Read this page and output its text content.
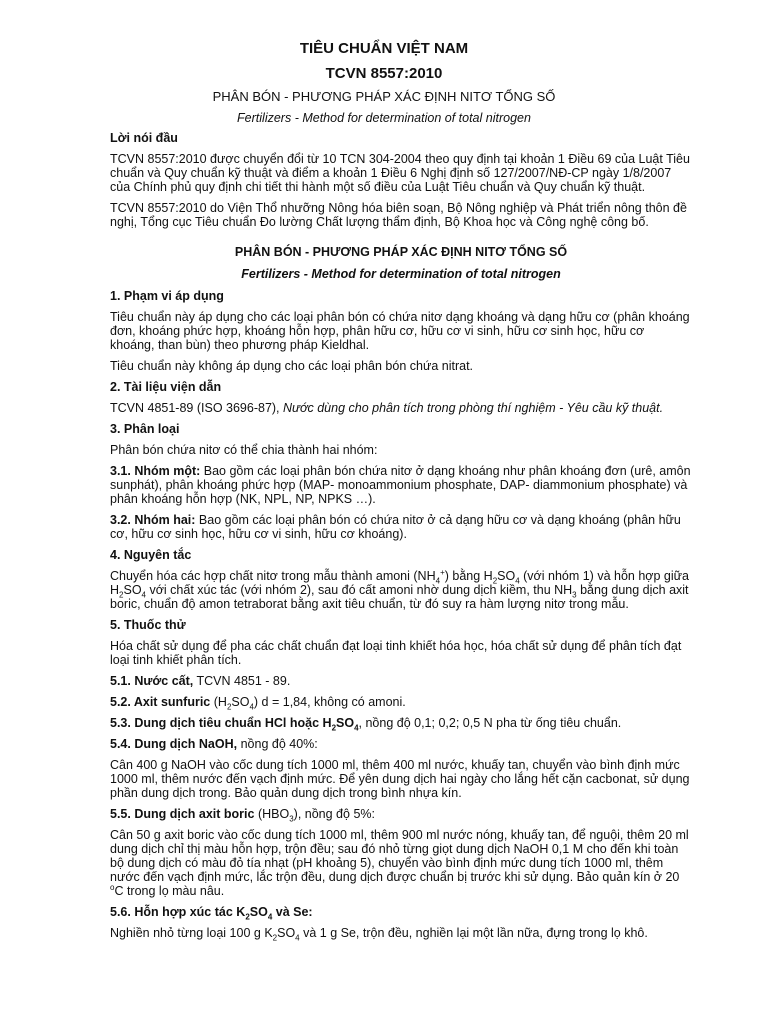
TIÊU CHUẨN VIỆT NAM
TCVN 8557:2010
PHÂN BÓN - PHƯƠNG PHÁP XÁC ĐỊNH NITƠ TỔNG SỐ
Fertilizers - Method for determination of total nitrogen

Lời nói đầu

TCVN 8557:2010 được chuyển đổi từ 10 TCN 304-2004 theo quy định tại khoản 1 Điều 69 của Luật Tiêu chuẩn và Quy chuẩn kỹ thuật và điểm a khoản 1 Điều 6 Nghị định số 127/2007/NĐ-CP ngày 1/8/2007 của Chính phủ quy định chi tiết thi hành một số điều của Luật Tiêu chuẩn và Quy chuẩn kỹ thuật.

TCVN 8557:2010 do Viện Thổ nhưỡng Nông hóa biên soạn, Bộ Nông nghiệp và Phát triển nông thôn đề nghị, Tổng cục Tiêu chuẩn Đo lường Chất lượng thẩm định, Bộ Khoa học và Công nghệ công bố.

PHÂN BÓN - PHƯƠNG PHÁP XÁC ĐỊNH NITƠ TỔNG SỐ
Fertilizers - Method for determination of total nitrogen

1. Phạm vi áp dụng

Tiêu chuẩn này áp dụng cho các loại phân bón có chứa nitơ dạng khoáng và dạng hữu cơ (phân khoáng đơn, khoáng phức hợp, khoáng hỗn hợp, phân hữu cơ, hữu cơ vi sinh, hữu cơ sinh học, hữu cơ khoáng, than bùn) theo phương pháp Kieldhal.

Tiêu chuẩn này không áp dụng cho các loại phân bón chứa nitrat.

2. Tài liệu viện dẫn

TCVN 4851-89 (ISO 3696-87), Nước dùng cho phân tích trong phòng thí nghiệm - Yêu cầu kỹ thuật.

3. Phân loại

Phân bón chứa nitơ có thể chia thành hai nhóm:

3.1. Nhóm một: Bao gồm các loại phân bón chứa nitơ ở dạng khoáng như phân khoáng đơn (urê, amôn sunphát), phân khoáng phức hợp (MAP- monoammonium phosphate, DAP- diammonium phosphate) và phân khoáng hỗn hợp (NK, NPL, NP, NPKS …).

3.2. Nhóm hai: Bao gồm các loại phân bón có chứa nitơ ở cả dạng hữu cơ và dạng khoáng (phân hữu cơ, hữu cơ sinh học, hữu cơ vi sinh, hữu cơ khoáng).

4. Nguyên tắc

Chuyển hóa các hợp chất nitơ trong mẫu thành amoni $(NH_4^+)$ bằng $H_2SO_4$ (với nhóm 1) và hỗn hợp giữa $H_2SO_4$ với chất xúc tác (với nhóm 2), sau đó cất amoni nhờ dung dịch kiềm, thu $NH_3$ bằng dung dịch axit boric, chuẩn độ amon tetraborat bằng axit tiêu chuẩn, từ đó suy ra hàm lượng nitơ trong mẫu.

5. Thuốc thử

Hóa chất sử dụng để pha các chất chuẩn đạt loại tinh khiết hóa học, hóa chất sử dụng để phân tích đạt loại tinh khiết phân tích.

5.1. Nước cất, TCVN 4851 - 89.

5.2. Axit sunfuric $(H_2SO_4) d = 1,84$, không có amoni.

5.3. Dung dịch tiêu chuẩn HCl hoặc $H_2SO_4$, nồng độ 0,1; 0,2; 0,5 N pha từ ống tiêu chuẩn.

5.4. Dung dịch NaOH, nồng độ 40%:

Cân 400 g NaOH vào cốc dung tích 1000 ml, thêm 400 ml nước, khuấy tan, chuyển vào bình định mức 1000 ml, thêm nước đến vạch định mức. Để yên dung dịch hai ngày cho lắng hết cặn cacbonat, sử dụng phần dung dịch trong. Bảo quản dung dịch trong bình nhựa kín.

5.5. Dung dịch axit boric $(HBO_3)$, nồng độ 5%:

Cân 50 g axit boric vào cốc dung tích 1000 ml, thêm 900 ml nước nóng, khuấy tan, để nguội, thêm 20 ml dung dịch chỉ thị màu hỗn hợp, trộn đều; sau đó nhỏ từng giọt dung dịch NaOH 0,1 M cho đến khi toàn bộ dung dịch có màu đỏ tía nhạt (pH khoảng 5), chuyển vào bình định mức dung tích 1000 ml, thêm nước đến vạch định mức, lắc trộn đều, dung dịch được chuẩn bị trước khi sử dụng. Bảo quản kín ở 20 $^o$C trong lọ màu nâu.

5.6. Hỗn hợp xúc tác $K_2SO_4$ và Se:

Nghiền nhỏ từng loại 100 g $K_2SO_4$ và 1 g Se, trộn đều, nghiền lại một lần nữa, đựng trong lọ khô.
